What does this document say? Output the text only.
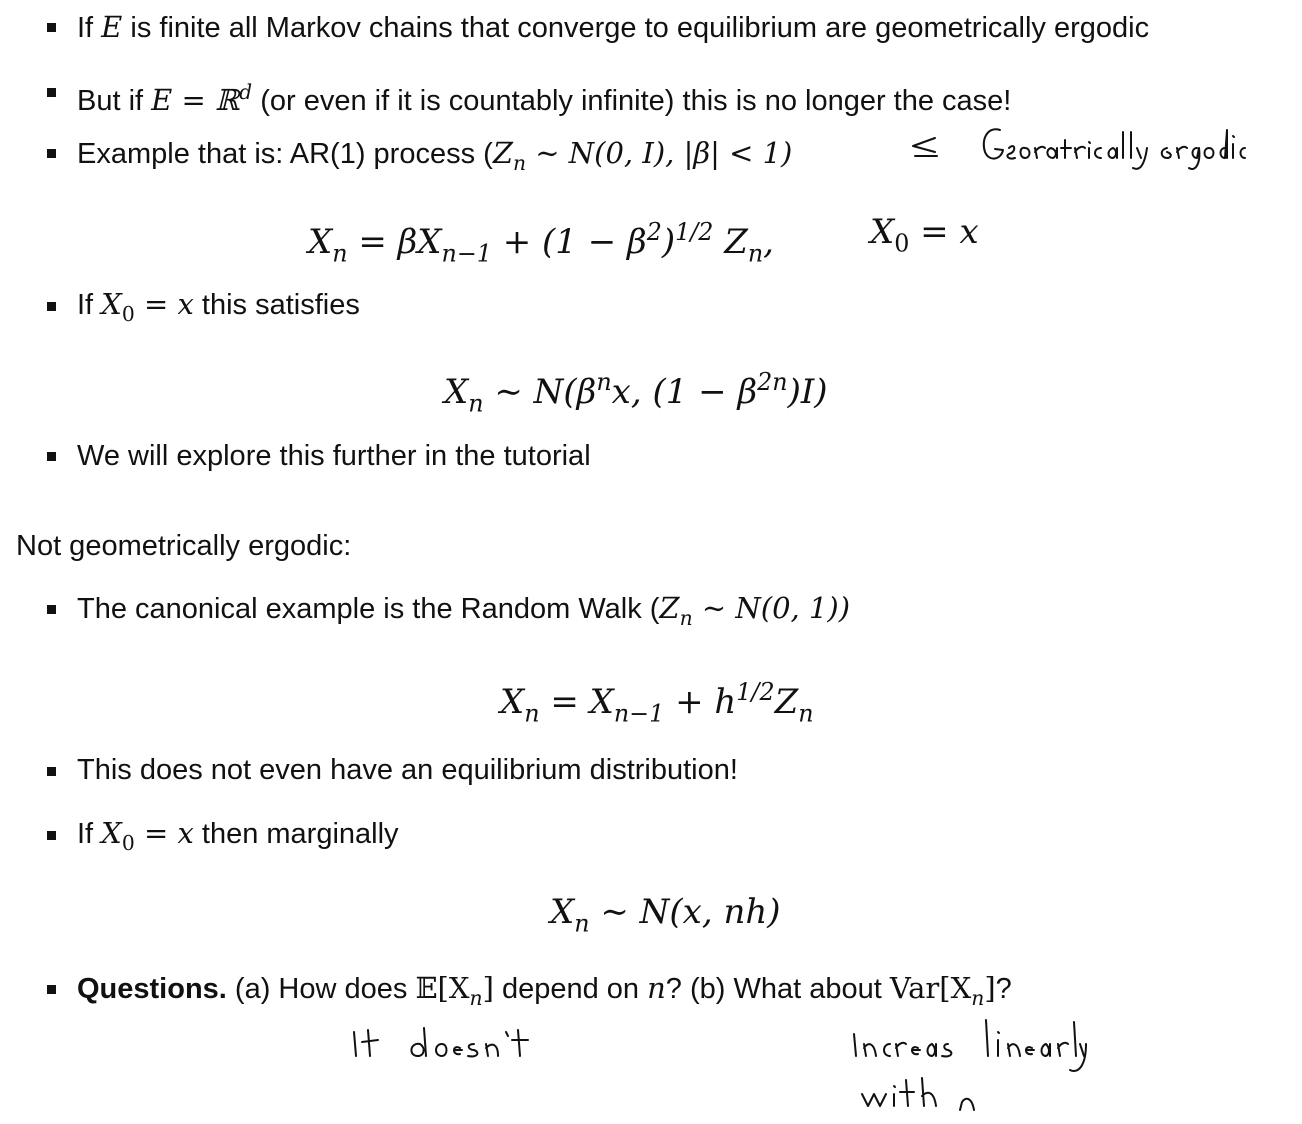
If E is finite all Markov chains that converge to equilibrium are geometrically ergodic
But if E = ℝ$^d$ (or even if it is countably infinite) this is no longer the case!
Example that is: AR(1) process ($Z_n$ ∼ N(0, I), |β| < 1)
$X_n = \beta X_{n-1} + (1 - \beta^2)^{1/2}$ $Z_n$,	$X_0 = x$
If $X_0 = x$ this satisfies
$X_n$ ∼ $N(\beta^nx$, $(1 - \beta^{2n})I$)
We will explore this further in the tutorial
Not geometrically ergodic:
The canonical example is the Random Walk ($Z_n$ ∼ N(0, 1))
$X_n = X_{n-1} + h^{1/2}Z_n$
This does not even have an equilibrium distribution!
If $X_0 = x$ then marginally
$X_n$ ∼ N(x, nh)
Questions. (a) How does $𝔼[X_n]$ depend on n? (b) What about $Var[X_n]$?
